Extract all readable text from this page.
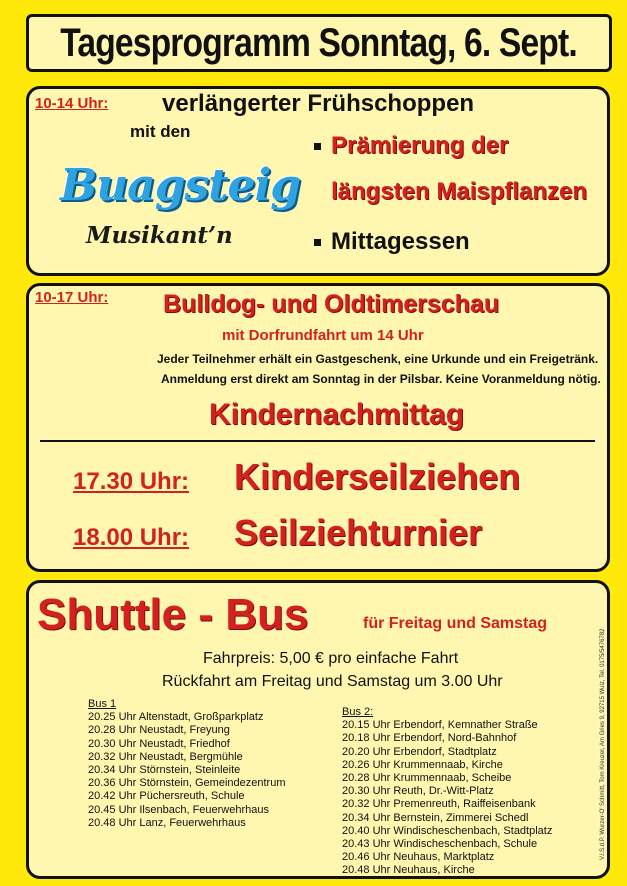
Tagesprogramm Sonntag, 6. Sept.
10-14 Uhr: verlängerter Frühschoppen
mit den
Buagsteig
Musikant’n
Prämierung der
längsten Maispflanzen
Mittagessen
10-17 Uhr: Bulldog- und Oldtimerschau
mit Dorfrundfahrt um 14 Uhr
Jeder Teilnehmer erhält ein Gastgeschenk, eine Urkunde und ein Freigetränk.
Anmeldung erst direkt am Sonntag in der Pilsbar. Keine Voranmeldung nötig.
Kindernachmittag
17.30 Uhr: Kinderseilziehen
18.00 Uhr: Seilziehturnier
Shuttle - Bus	für Freitag und Samstag
Fahrpreis: 5,00 € pro einfache Fahrt
Rückfahrt am Freitag und Samstag um 3.00 Uhr
Bus 1
20.25 Uhr Altenstadt, Großparkplatz
20.28 Uhr Neustadt, Freyung
20.30 Uhr Neustadt, Friedhof
20.32 Uhr Neustadt, Bergmühle
20.34 Uhr Störnstein, Steinleite
20.36 Uhr Störnstein, Gemeindezentrum
20.42 Uhr Püchersreuth, Schule
20.45 Uhr Ilsenbach, Feuerwehrhaus
20.48 Uhr Lanz, Feuerwehrhaus
Bus 2:
20.15 Uhr Erbendorf, Kemnather Straße
20.18 Uhr Erbendorf, Nord-Bahnhof
20.20 Uhr Erbendorf, Stadtplatz
20.26 Uhr Krummennaab, Kirche
20.28 Uhr Krummennaab, Scheibe
20.30 Uhr Reuth, Dr.-Witt-Platz
20.32 Uhr Premenreuth, Raiffeisenbank
20.34 Uhr Bernstein, Zimmerei Schedl
20.40 Uhr Windischeschenbach, Stadtplatz
20.43 Uhr Windischeschenbach, Schule
20.46 Uhr Neuhaus, Marktplatz
20.48 Uhr Neuhaus, Kirche
V.i.S.d.P. Wurzer-O’ Schmitt, Tom Kreuzer, Am Gries 9, 92715 Wulz, Tel. 0175/5476782
